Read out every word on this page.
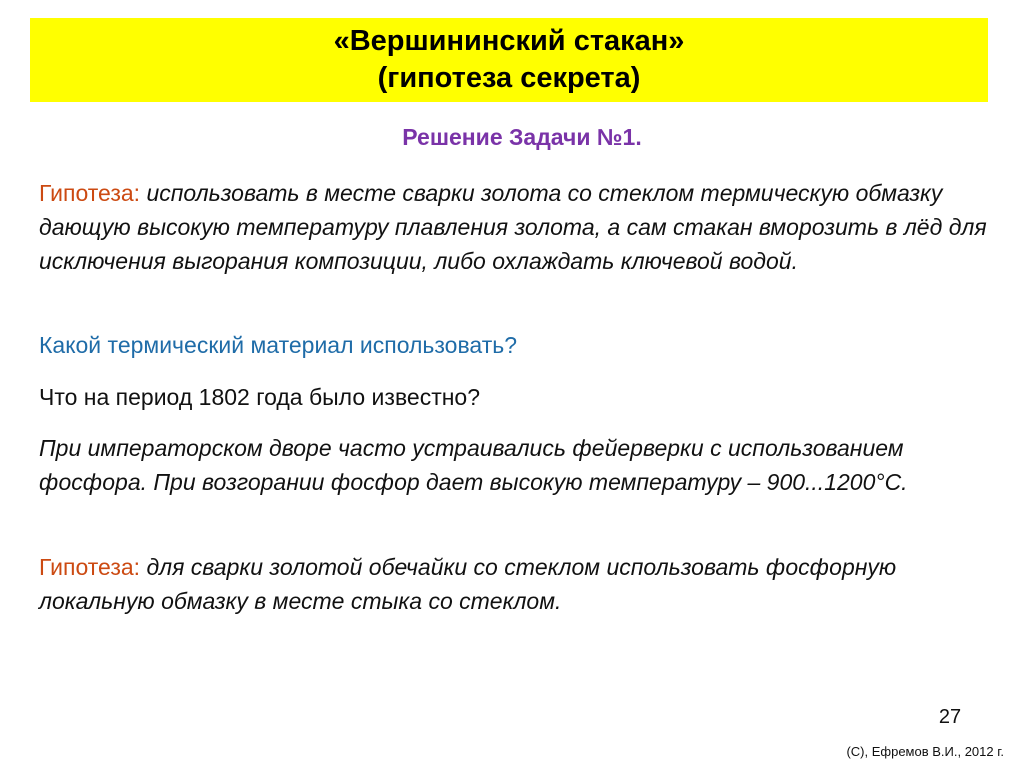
«Вершининский стакан»
(гипотеза секрета)
Решение Задачи №1.
Гипотеза: использовать в месте сварки золота со стеклом термическую обмазку дающую высокую температуру плавления золота, а сам стакан вморозить в лёд для исключения выгорания композиции, либо охлаждать ключевой водой.
Какой термический материал использовать?
Что на период 1802 года было известно?
При императорском дворе часто устраивались фейерверки с использованием фосфора. При возгорании фосфор дает высокую температуру – 900...1200°С.
Гипотеза: для сварки золотой обечайки со стеклом использовать фосфорную локальную обмазку в месте стыка со стеклом.
27
(С), Ефремов В.И., 2012 г.
